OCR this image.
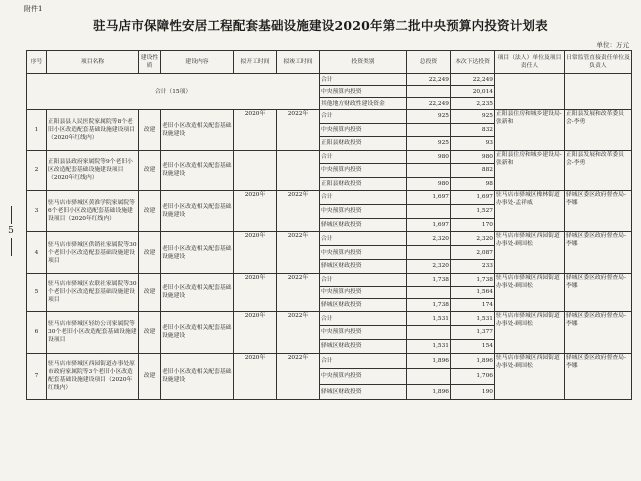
附件1
驻马店市保障性安居工程配套基础设施建设2020年第二批中央预算内投资计划表
单位：万元
5
序号	项目名称	建设性质	建设内容	拟开工时间	拟竣工时间	投资类别	总投资	本次下达投资	项目（法人）单位及项目责任人	日常监管直接责任单位及负责人
合计（15项）						合计	22,249	22,249		
						中央预算内投资		20,014		
						其他地方财政性建设资金	22,249	2,235		
1	正阳县县人民医院家属院等8个老旧小区改造配套基础设施建设项目（2020年红线内）	改建	老旧小区改造相关配套基础设施建设	2020年	2022年	合计	925	925	正阳县住房和城乡建设局-张新和	正阳县发展和改革委员会-李勇
						中央预算内投资		832		
						正阳县财政投资	925	93		
2	正阳县县政府家属院等9个老旧小区改造配套基础设施建设项目（2020年红线内）	改建	老旧小区改造相关配套基础设施建设			合计	980	980	正阳县住房和城乡建设局-张新和	正阳县发展和改革委员会-李勇
						中央预算内投资		882		
						正阳县财政投资	980	98		
3	驻马店市驿城区黄淮学院家属院等6个老旧小区改造配套基础设施建设项目（2020年红线内）	改建	老旧小区改造相关配套基础设施建设	2020年	2022年	合计	1,697	1,697	驻马店市驿城区橡林街道办事处-孟祥威	驿城区委区政府督查局-李娜
						中央预算内投资		1,527		
						驿城区财政投资	1,697	170		
4	驻马店市驿城区供销社家属院等30个老旧小区改造配套基础设施建设项目	改建	老旧小区改造相关配套基础设施建设	2020年	2022年	合计	2,320	2,320	驻马店市驿城区西园街道办事处-顾国松	驿城区委区政府督查局-李娜
						中央预算内投资		2,087		
						驿城区财政投资	2,320	233		
5	驻马店市驿城区农联社家属院等30个老旧小区改造配套基础设施建设项目	改建	老旧小区改造相关配套基础设施建设	2020年	2022年	合计	1,738	1,738	驻马店市驿城区西园街道办事处-顾国松	驿城区委区政府督查局-李娜
						中央预算内投资		1,564		
						驿城区财政投资	1,738	174		
6	驻马店市驿城区轻纺公司家属院等30个老旧小区改造配套基础设施建设项目	改建	老旧小区改造相关配套基础设施建设	2020年	2022年	合计	1,531	1,531	驻马店市驿城区西园街道办事处-顾国松	驿城区委区政府督查局-李娜
						中央预算内投资		1,377		
						驿城区财政投资	1,531	154		
7	驻马店市驿城区西园街道办事处原市政府家属院等3个老旧小区改造配套基础设施建设项目（2020年红线内）	改建	老旧小区改造相关配套基础设施建设	2020年	2022年	合计	1,896	1,896	驻马店市驿城区西园街道办事处-顾国松	驿城区委区政府督查局-李娜
						中央预算内投资		1,706		
						驿城区财政投资	1,896	190		
